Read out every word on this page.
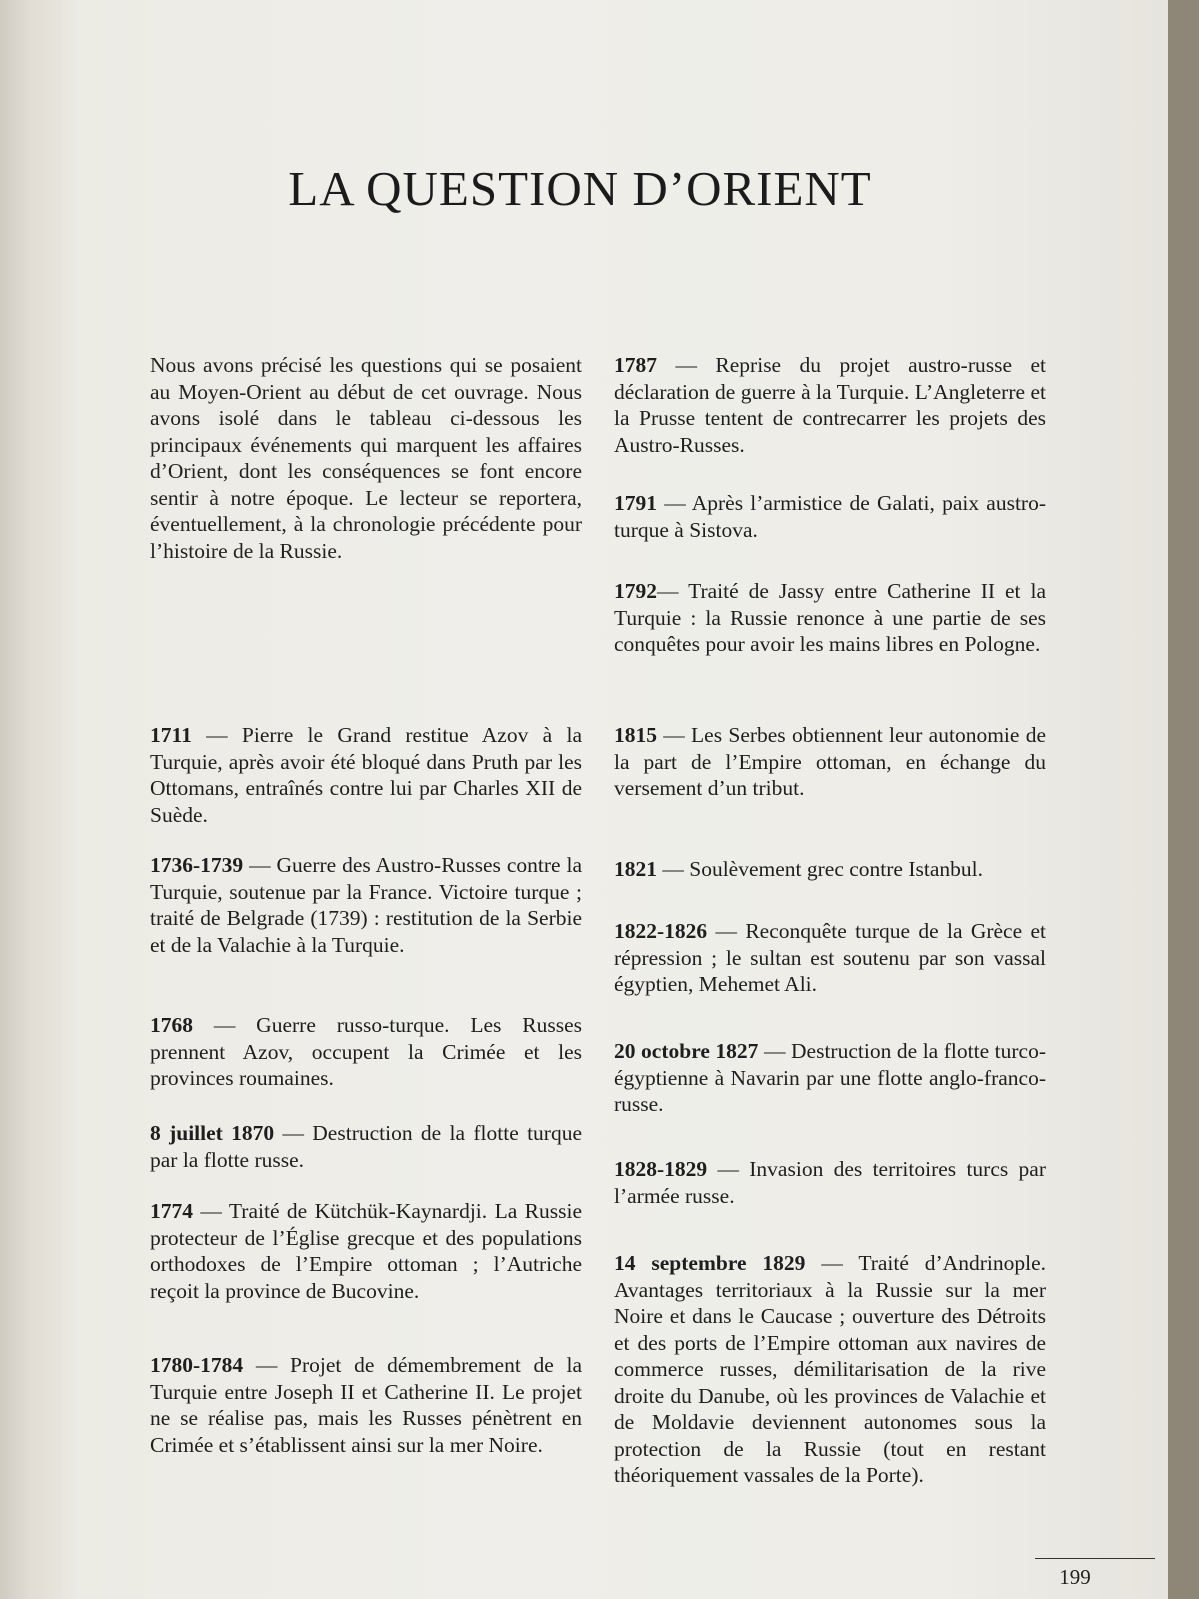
LA QUESTION D’ORIENT

Nous avons précisé les questions qui se posaient au Moyen-Orient au début de cet ouvrage. Nous avons isolé dans le tableau ci-dessous les principaux événements qui marquent les affaires d’Orient, dont les conséquences se font encore sentir à notre époque. Le lecteur se reportera, éventuellement, à la chronologie précédente pour l’histoire de la Russie.

1711 — Pierre le Grand restitue Azov à la Turquie, après avoir été bloqué dans Pruth par les Ottomans, entraînés contre lui par Charles XII de Suède.

1736-1739 — Guerre des Austro-Russes contre la Turquie, soutenue par la France. Victoire turque ; traité de Belgrade (1739) : restitution de la Serbie et de la Valachie à la Turquie.

1768 — Guerre russo-turque. Les Russes prennent Azov, occupent la Crimée et les provinces roumaines.

8 juillet 1870 — Destruction de la flotte turque par la flotte russe.

1774 — Traité de Kütchük-Kaynardji. La Russie protecteur de l’Église grecque et des populations orthodoxes de l’Empire ottoman ; l’Autriche reçoit la province de Bucovine.

1780-1784 — Projet de démembrement de la Turquie entre Joseph II et Catherine II. Le projet ne se réalise pas, mais les Russes pénètrent en Crimée et s’établissent ainsi sur la mer Noire.

1787 — Reprise du projet austro-russe et déclaration de guerre à la Turquie. L’Angleterre et la Prusse tentent de contrecarrer les projets des Austro-Russes.

1791 — Après l’armistice de Galati, paix austro-turque à Sistova.

1792— Traité de Jassy entre Catherine II et la Turquie : la Russie renonce à une partie de ses conquêtes pour avoir les mains libres en Pologne.

1815 — Les Serbes obtiennent leur autonomie de la part de l’Empire ottoman, en échange du versement d’un tribut.

1821 — Soulèvement grec contre Istanbul.

1822-1826 — Reconquête turque de la Grèce et répression ; le sultan est soutenu par son vassal égyptien, Mehemet Ali.

20 octobre 1827 — Destruction de la flotte turco-égyptienne à Navarin par une flotte anglo-franco-russe.

1828-1829 — Invasion des territoires turcs par l’armée russe.

14 septembre 1829 — Traité d’Andrinople. Avantages territoriaux à la Russie sur la mer Noire et dans le Caucase ; ouverture des Détroits et des ports de l’Empire ottoman aux navires de commerce russes, démilitarisation de la rive droite du Danube, où les provinces de Valachie et de Moldavie deviennent autonomes sous la protection de la Russie (tout en restant théoriquement vassales de la Porte).

199
